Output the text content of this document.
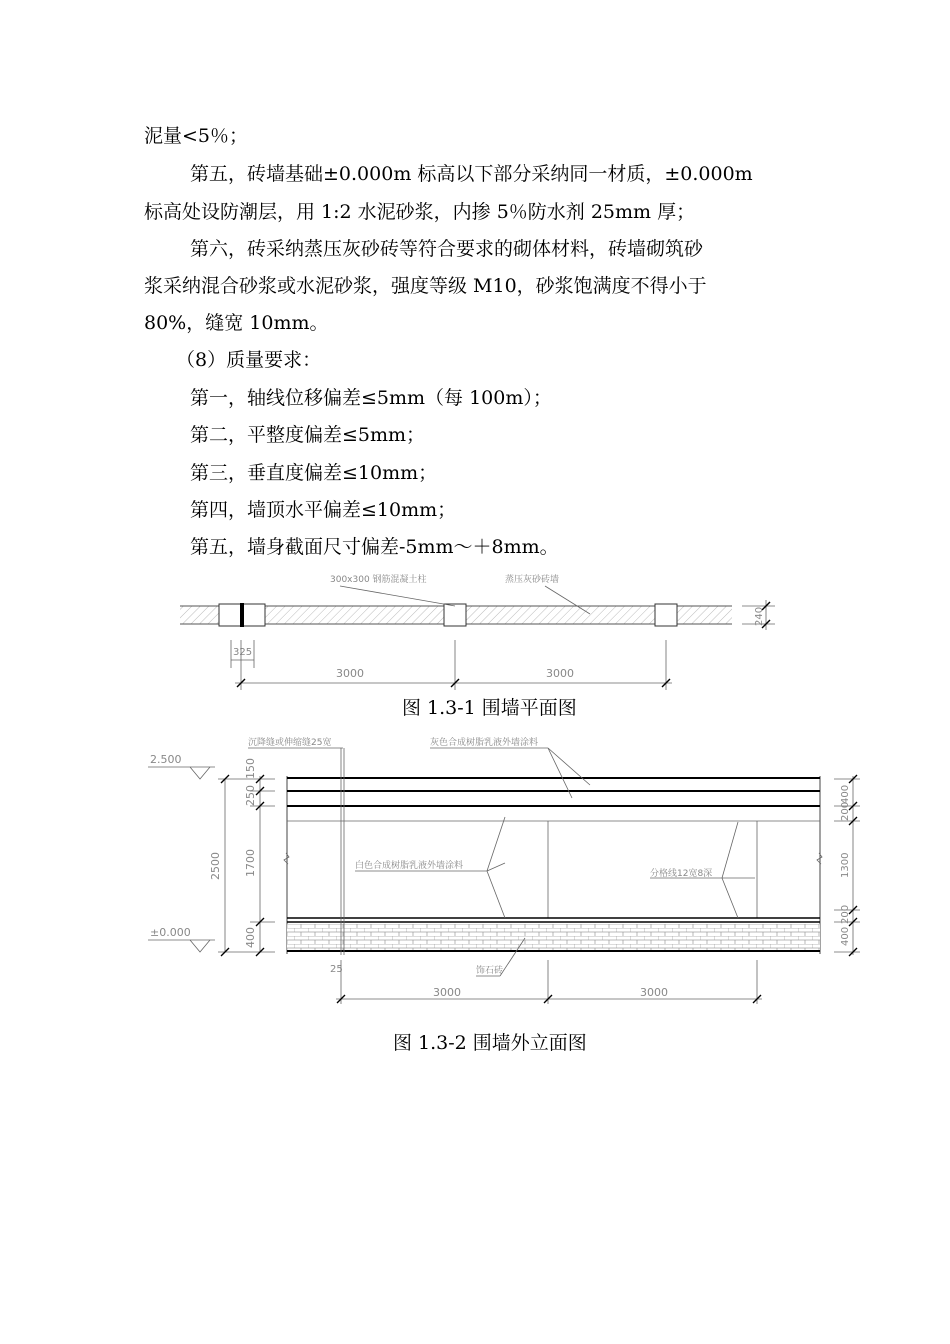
泥量<5％；
第五，砖墙基础±0.000m 标高以下部分采纳同一材质，±0.000m
标高处设防潮层，用 1:2 水泥砂浆，内掺 5％防水剂 25mm 厚；
第六，砖采纳蒸压灰砂砖等符合要求的砌体材料，砖墙砌筑砂
浆采纳混合砂浆或水泥砂浆，强度等级 M10，砂浆饱满度不得小于
80%，缝宽 10mm。
（8）质量要求：
第一，轴线位移偏差≤5mm（每 100m）；
第二，平整度偏差≤5mm；
第三，垂直度偏差≤10mm；
第四，墙顶水平偏差≤10mm；
第五，墙身截面尺寸偏差-5mm～＋8mm。
300x300 钢筋混凝土柱	蒸压灰砂砖墙
240
325
3000	3000
图 1.3-1 围墙平面图
沉降缝或伸缩缝25宽	灰色合成树脂乳液外墙涂料
白色合成树脂乳液外墙涂料
分格线12宽8深
饰石砖
2.500
±0.000
2500
150
250
1700
400
400
200
1300
200
400
25
3000	3000
图 1.3-2 围墙外立面图
